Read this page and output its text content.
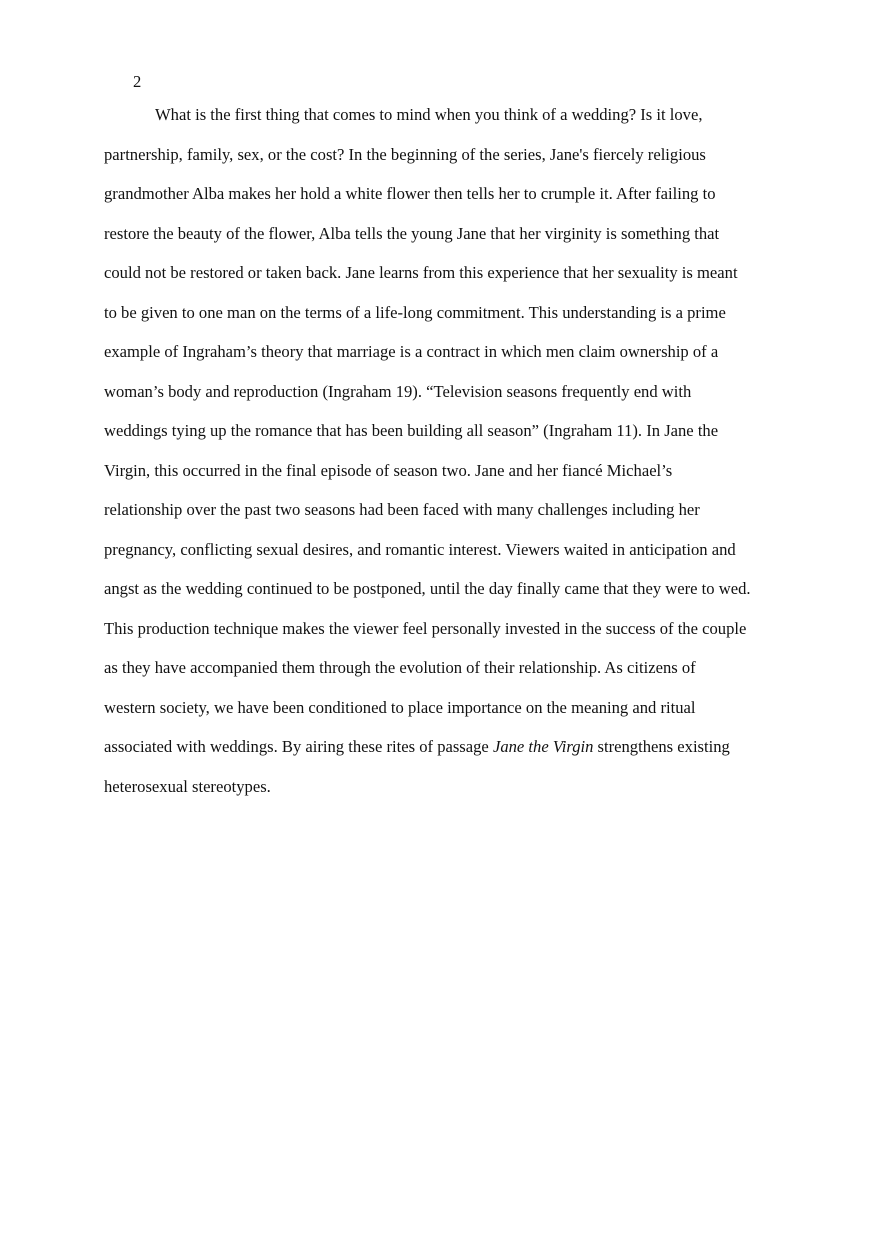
2
What is the first thing that comes to mind when you think of a wedding? Is it love,
partnership, family, sex, or the cost? In the beginning of the series, Jane's fiercely religious
grandmother Alba makes her hold a white flower then tells her to crumple it. After failing to
restore the beauty of the flower, Alba tells the young Jane that her virginity is something that
could not be restored or taken back. Jane learns from this experience that her sexuality is meant
to be given to one man on the terms of a life-long commitment. This understanding is a prime
example of Ingraham’s theory that marriage is a contract in which men claim ownership of a
woman’s body and reproduction (Ingraham 19). “Television seasons frequently end with
weddings tying up the romance that has been building all season” (Ingraham 11). In Jane the
Virgin, this occurred in the final episode of season two. Jane and her fiancé Michael’s
relationship over the past two seasons had been faced with many challenges including her
pregnancy, conflicting sexual desires, and romantic interest. Viewers waited in anticipation and
angst as the wedding continued to be postponed, until the day finally came that they were to wed.
This production technique makes the viewer feel personally invested in the success of the couple
as they have accompanied them through the evolution of their relationship. As citizens of
western society, we have been conditioned to place importance on the meaning and ritual
associated with weddings. By airing these rites of passage Jane the Virgin strengthens existing
heterosexual stereotypes.
